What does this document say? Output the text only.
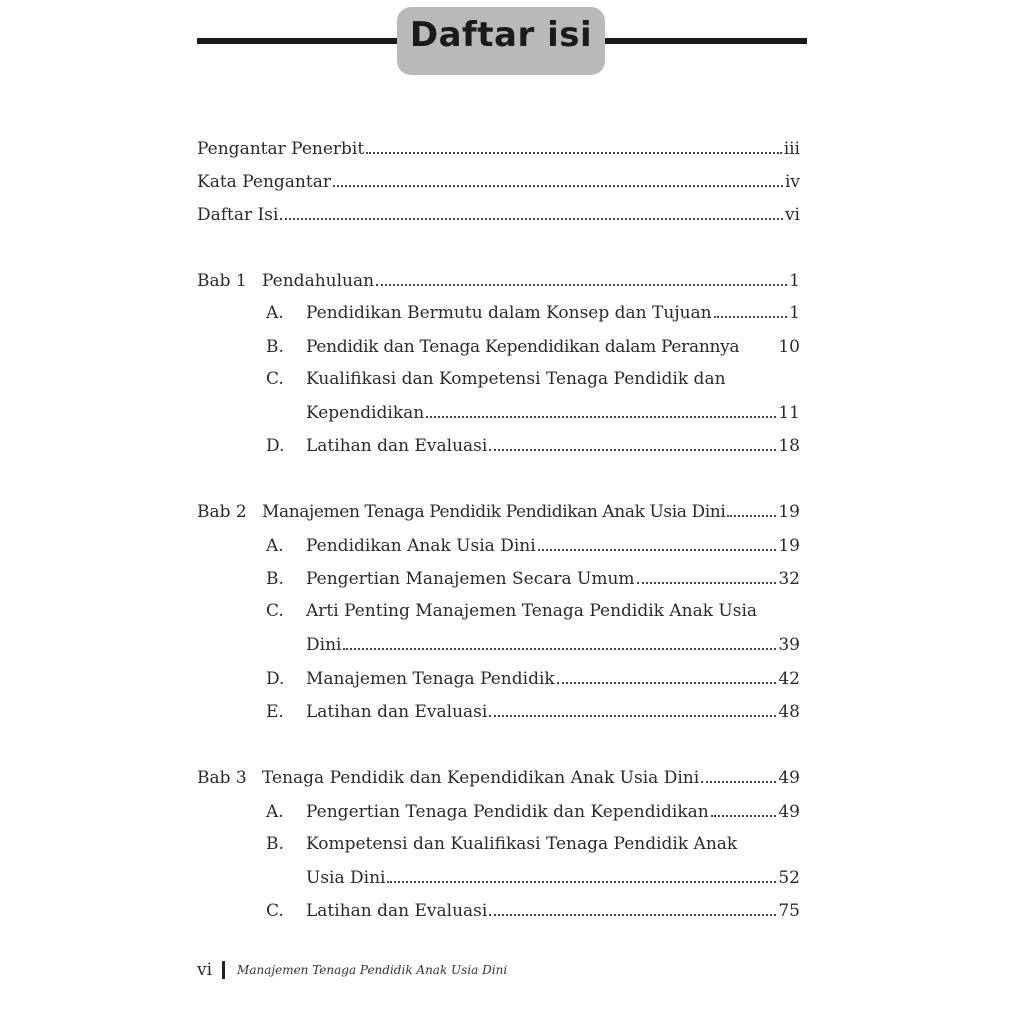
Daftar isi
Pengantar Penerbit	iii
Kata Pengantar	iv
Daftar Isi	vi
Bab 1 Pendahuluan	1
A.	Pendidikan Bermutu dalam Konsep dan Tujuan	1
B.	Pendidik dan Tenaga Kependidikan dalam Perannya 10
C. Kualifikasi dan Kompetensi Tenaga Pendidik dan
Kependidikan	11
D.	Latihan dan Evaluasi	18
Bab 2 Manajemen Tenaga Pendidik Pendidikan Anak Usia Dini	19
A.	Pendidikan Anak Usia Dini	19
B.	Pengertian Manajemen Secara Umum	32
C. Arti Penting Manajemen Tenaga Pendidik Anak Usia
Dini	39
D.	Manajemen Tenaga Pendidik	42
E.	Latihan dan Evaluasi	48
Bab 3 Tenaga Pendidik dan Kependidikan Anak Usia Dini	49
A.	Pengertian Tenaga Pendidik dan Kependidikan	49
B. Kompetensi dan Kualifikasi Tenaga Pendidik Anak
Usia Dini	52
C.	Latihan dan Evaluasi	75
vi Manajemen Tenaga Pendidik Anak Usia Dini
